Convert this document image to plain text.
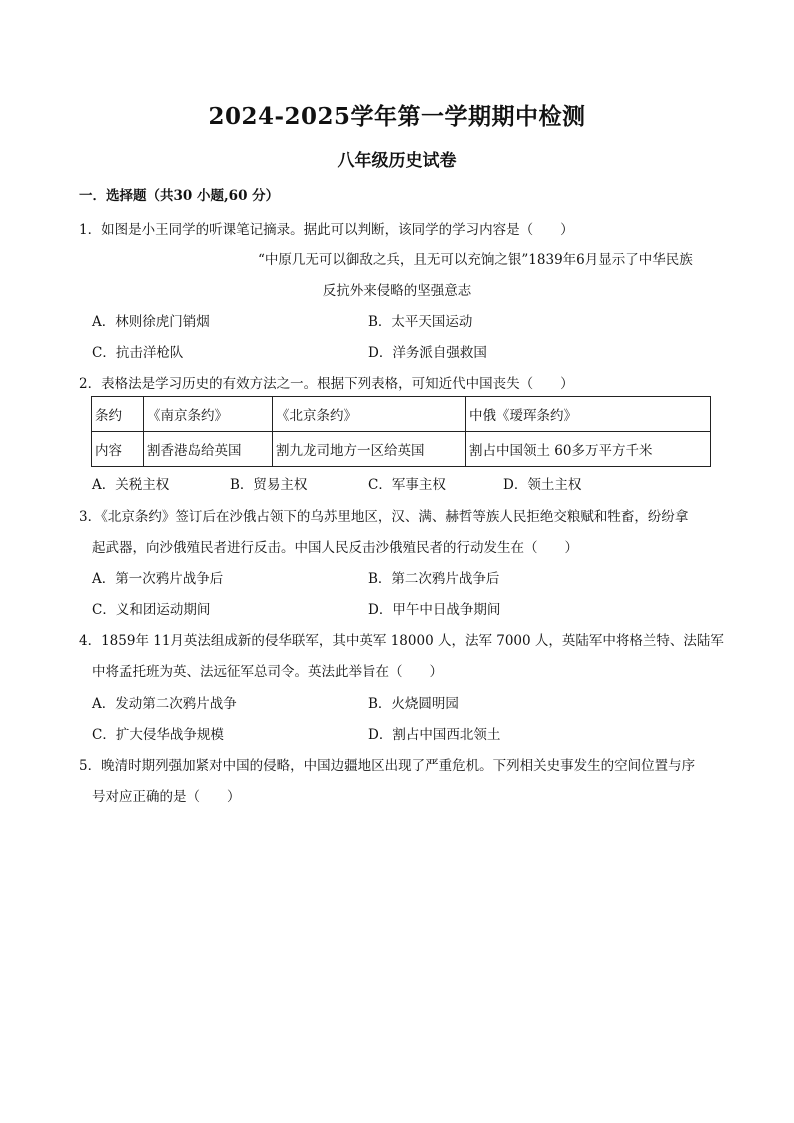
2024-2025学年第一学期期中检测
八年级历史试卷
一．选择题（共30 小题,60 分）
1．如图是小王同学的听课笔记摘录。据此可以判断，该同学的学习内容是（　　）
“中原几无可以御敌之兵，且无可以充饷之银”1839年6月显示了中华民族
反抗外来侵略的坚强意志
A．林则徐虎门销烟	B．太平天国运动
C．抗击洋枪队	D．洋务派自强救国
2．表格法是学习历史的有效方法之一。根据下列表格，可知近代中国丧失（　　）
条约	《南京条约》	《北京条约》	中俄《瑷珲条约》
内容	割香港岛给英国	割九龙司地方一区给英国	割占中国领土 60多万平方千米
A．关税主权	B．贸易主权	C．军事主权	D．领土主权
3．《北京条约》签订后在沙俄占领下的乌苏里地区，汉、满、赫哲等族人民拒绝交粮赋和牲畜，纷纷拿
起武器，向沙俄殖民者进行反击。中国人民反击沙俄殖民者的行动发生在（　　）
A．第一次鸦片战争后	B．第二次鸦片战争后
C．义和团运动期间	D．甲午中日战争期间
4．1859年 11月英法组成新的侵华联军，其中英军 18000 人，法军 7000 人，英陆军中将格兰特、法陆军
中将孟托班为英、法远征军总司令。英法此举旨在（　　）
A．发动第二次鸦片战争	B．火烧圆明园
C．扩大侵华战争规模	D．割占中国西北领土
5．晚清时期列强加紧对中国的侵略，中国边疆地区出现了严重危机。下列相关史事发生的空间位置与序
号对应正确的是（　　）
